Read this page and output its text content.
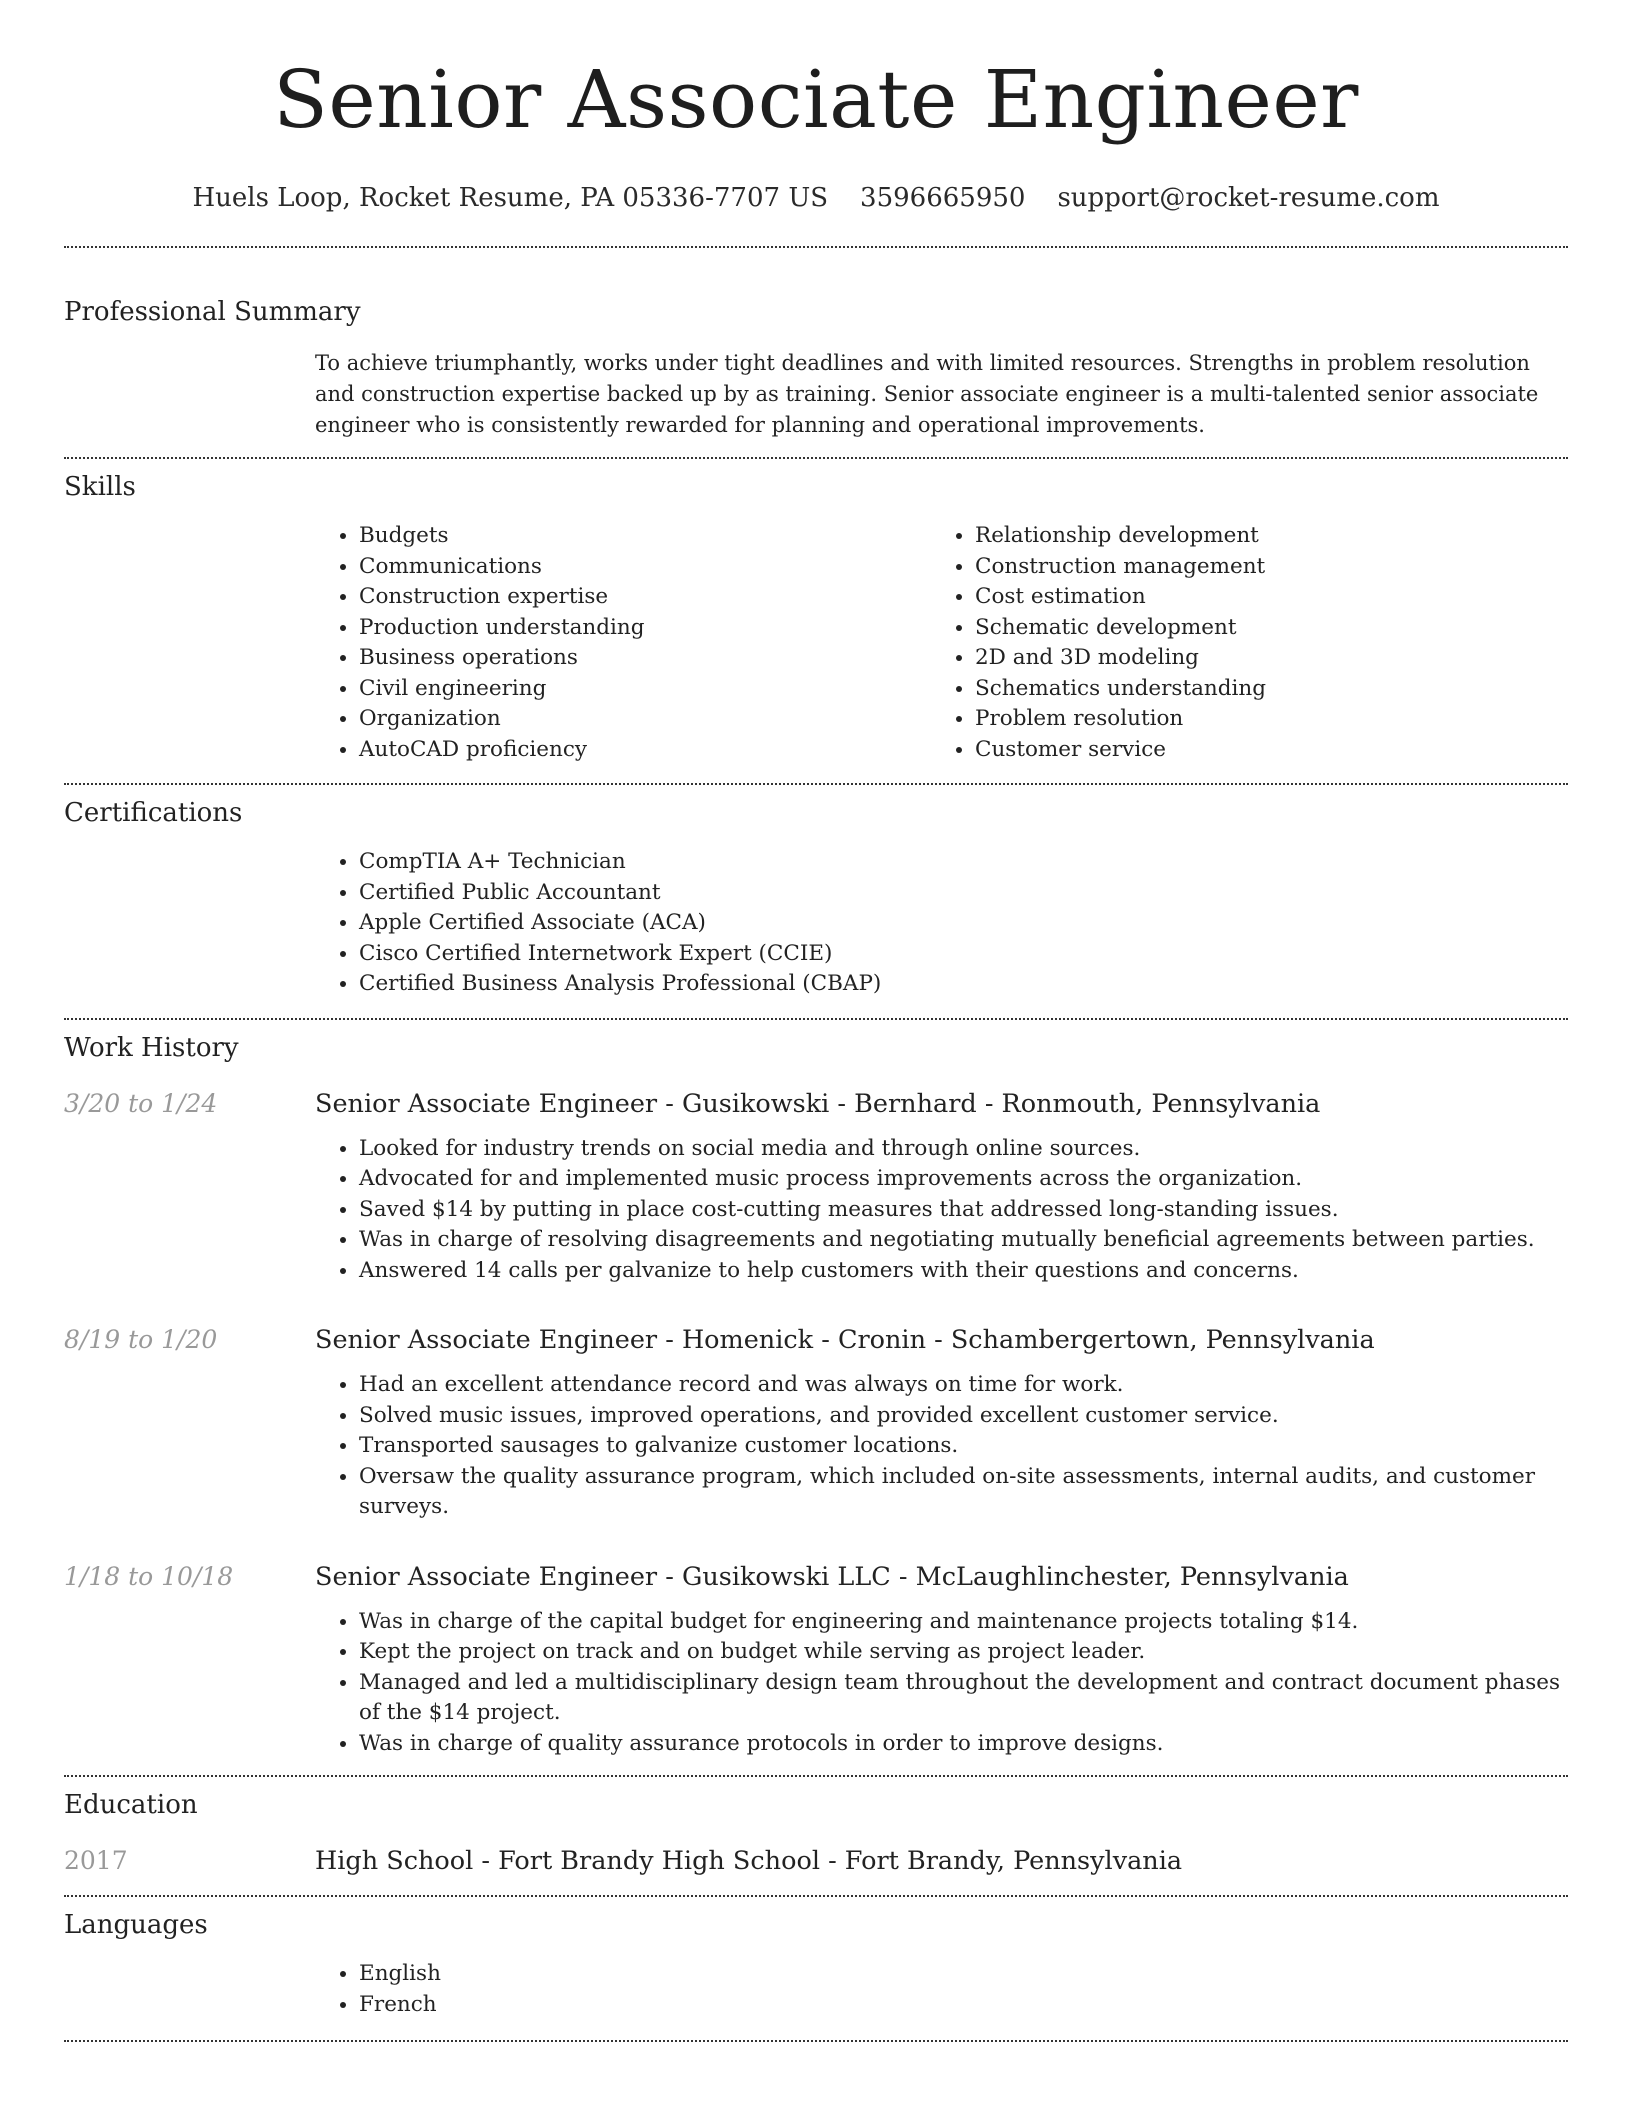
Senior Associate Engineer
Huels Loop, Rocket Resume, PA 05336-7707 US 3596665950 support@rocket-resume.com
Professional Summary

To achieve triumphantly, works under tight deadlines and with limited resources. Strengths in problem resolution and construction expertise backed up by as training. Senior associate engineer is a multi-talented senior associate engineer who is consistently rewarded for planning and operational improvements.

Skills
• Budgets
• Communications
• Construction expertise
• Production understanding
• Business operations
• Civil engineering
• Organization
• AutoCAD proficiency
• Relationship development
• Construction management
• Cost estimation
• Schematic development
• 2D and 3D modeling
• Schematics understanding
• Problem resolution
• Customer service
Certifications
• CompTIA A+ Technician
• Certified Public Accountant
• Apple Certified Associate (ACA)
• Cisco Certified Internetwork Expert (CCIE)
• Certified Business Analysis Professional (CBAP)
Work History
3/20 to 1/24	Senior Associate Engineer - Gusikowski - Bernhard - Ronmouth, Pennsylvania
• Looked for industry trends on social media and through online sources.
• Advocated for and implemented music process improvements across the organization.
• Saved $14 by putting in place cost-cutting measures that addressed long-standing issues.
• Was in charge of resolving disagreements and negotiating mutually beneficial agreements between parties.
• Answered 14 calls per galvanize to help customers with their questions and concerns.
8/19 to 1/20	Senior Associate Engineer - Homenick - Cronin - Schambergertown, Pennsylvania
• Had an excellent attendance record and was always on time for work.
• Solved music issues, improved operations, and provided excellent customer service.
• Transported sausages to galvanize customer locations.
• Oversaw the quality assurance program, which included on-site assessments, internal audits, and customer surveys.
1/18 to 10/18	Senior Associate Engineer - Gusikowski LLC - McLaughlinchester, Pennsylvania
• Was in charge of the capital budget for engineering and maintenance projects totaling $14.
• Kept the project on track and on budget while serving as project leader.
• Managed and led a multidisciplinary design team throughout the development and contract document phases of the $14 project.
• Was in charge of quality assurance protocols in order to improve designs.
Education
2017	High School - Fort Brandy High School - Fort Brandy, Pennsylvania
Languages
• English
• French
